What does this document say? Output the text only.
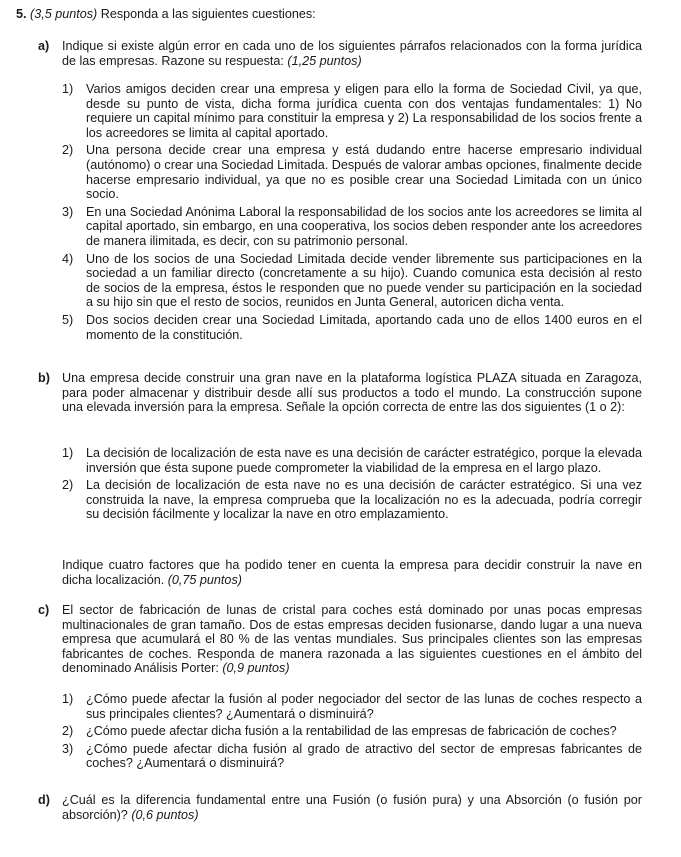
5. (3,5 puntos) Responda a las siguientes cuestiones:
a) Indique si existe algún error en cada uno de los siguientes párrafos relacionados con la forma jurídica de las empresas. Razone su respuesta: (1,25 puntos)
1) Varios amigos deciden crear una empresa y eligen para ello la forma de Sociedad Civil, ya que, desde su punto de vista, dicha forma jurídica cuenta con dos ventajas fundamentales: 1) No requiere un capital mínimo para constituir la empresa y 2) La responsabilidad de los socios frente a los acreedores se limita al capital aportado.
2) Una persona decide crear una empresa y está dudando entre hacerse empresario individual (autónomo) o crear una Sociedad Limitada. Después de valorar ambas opciones, finalmente decide hacerse empresario individual, ya que no es posible crear una Sociedad Limitada con un único socio.
3) En una Sociedad Anónima Laboral la responsabilidad de los socios ante los acreedores se limita al capital aportado, sin embargo, en una cooperativa, los socios deben responder ante los acreedores de manera ilimitada, es decir, con su patrimonio personal.
4) Uno de los socios de una Sociedad Limitada decide vender libremente sus participaciones en la sociedad a un familiar directo (concretamente a su hijo). Cuando comunica esta decisión al resto de socios de la empresa, éstos le responden que no puede vender su participación en la sociedad a su hijo sin que el resto de socios, reunidos en Junta General, autoricen dicha venta.
5) Dos socios deciden crear una Sociedad Limitada, aportando cada uno de ellos 1400 euros en el momento de la constitución.
b) Una empresa decide construir una gran nave en la plataforma logística PLAZA situada en Zaragoza, para poder almacenar y distribuir desde allí sus productos a todo el mundo. La construcción supone una elevada inversión para la empresa. Señale la opción correcta de entre las dos siguientes (1 o 2):
1) La decisión de localización de esta nave es una decisión de carácter estratégico, porque la elevada inversión que ésta supone puede comprometer la viabilidad de la empresa en el largo plazo.
2) La decisión de localización de esta nave no es una decisión de carácter estratégico. Si una vez construida la nave, la empresa comprueba que la localización no es la adecuada, podría corregir su decisión fácilmente y localizar la nave en otro emplazamiento.
Indique cuatro factores que ha podido tener en cuenta la empresa para decidir construir la nave en dicha localización. (0,75 puntos)
c) El sector de fabricación de lunas de cristal para coches está dominado por unas pocas empresas multinacionales de gran tamaño. Dos de estas empresas deciden fusionarse, dando lugar a una nueva empresa que acumulará el 80 % de las ventas mundiales. Sus principales clientes son las empresas fabricantes de coches. Responda de manera razonada a las siguientes cuestiones en el ámbito del denominado Análisis Porter: (0,9 puntos)
1) ¿Cómo puede afectar la fusión al poder negociador del sector de las lunas de coches respecto a sus principales clientes? ¿Aumentará o disminuirá?
2) ¿Cómo puede afectar dicha fusión a la rentabilidad de las empresas de fabricación de coches?
3) ¿Cómo puede afectar dicha fusión al grado de atractivo del sector de empresas fabricantes de coches? ¿Aumentará o disminuirá?
d) ¿Cuál es la diferencia fundamental entre una Fusión (o fusión pura) y una Absorción (o fusión por absorción)? (0,6 puntos)
